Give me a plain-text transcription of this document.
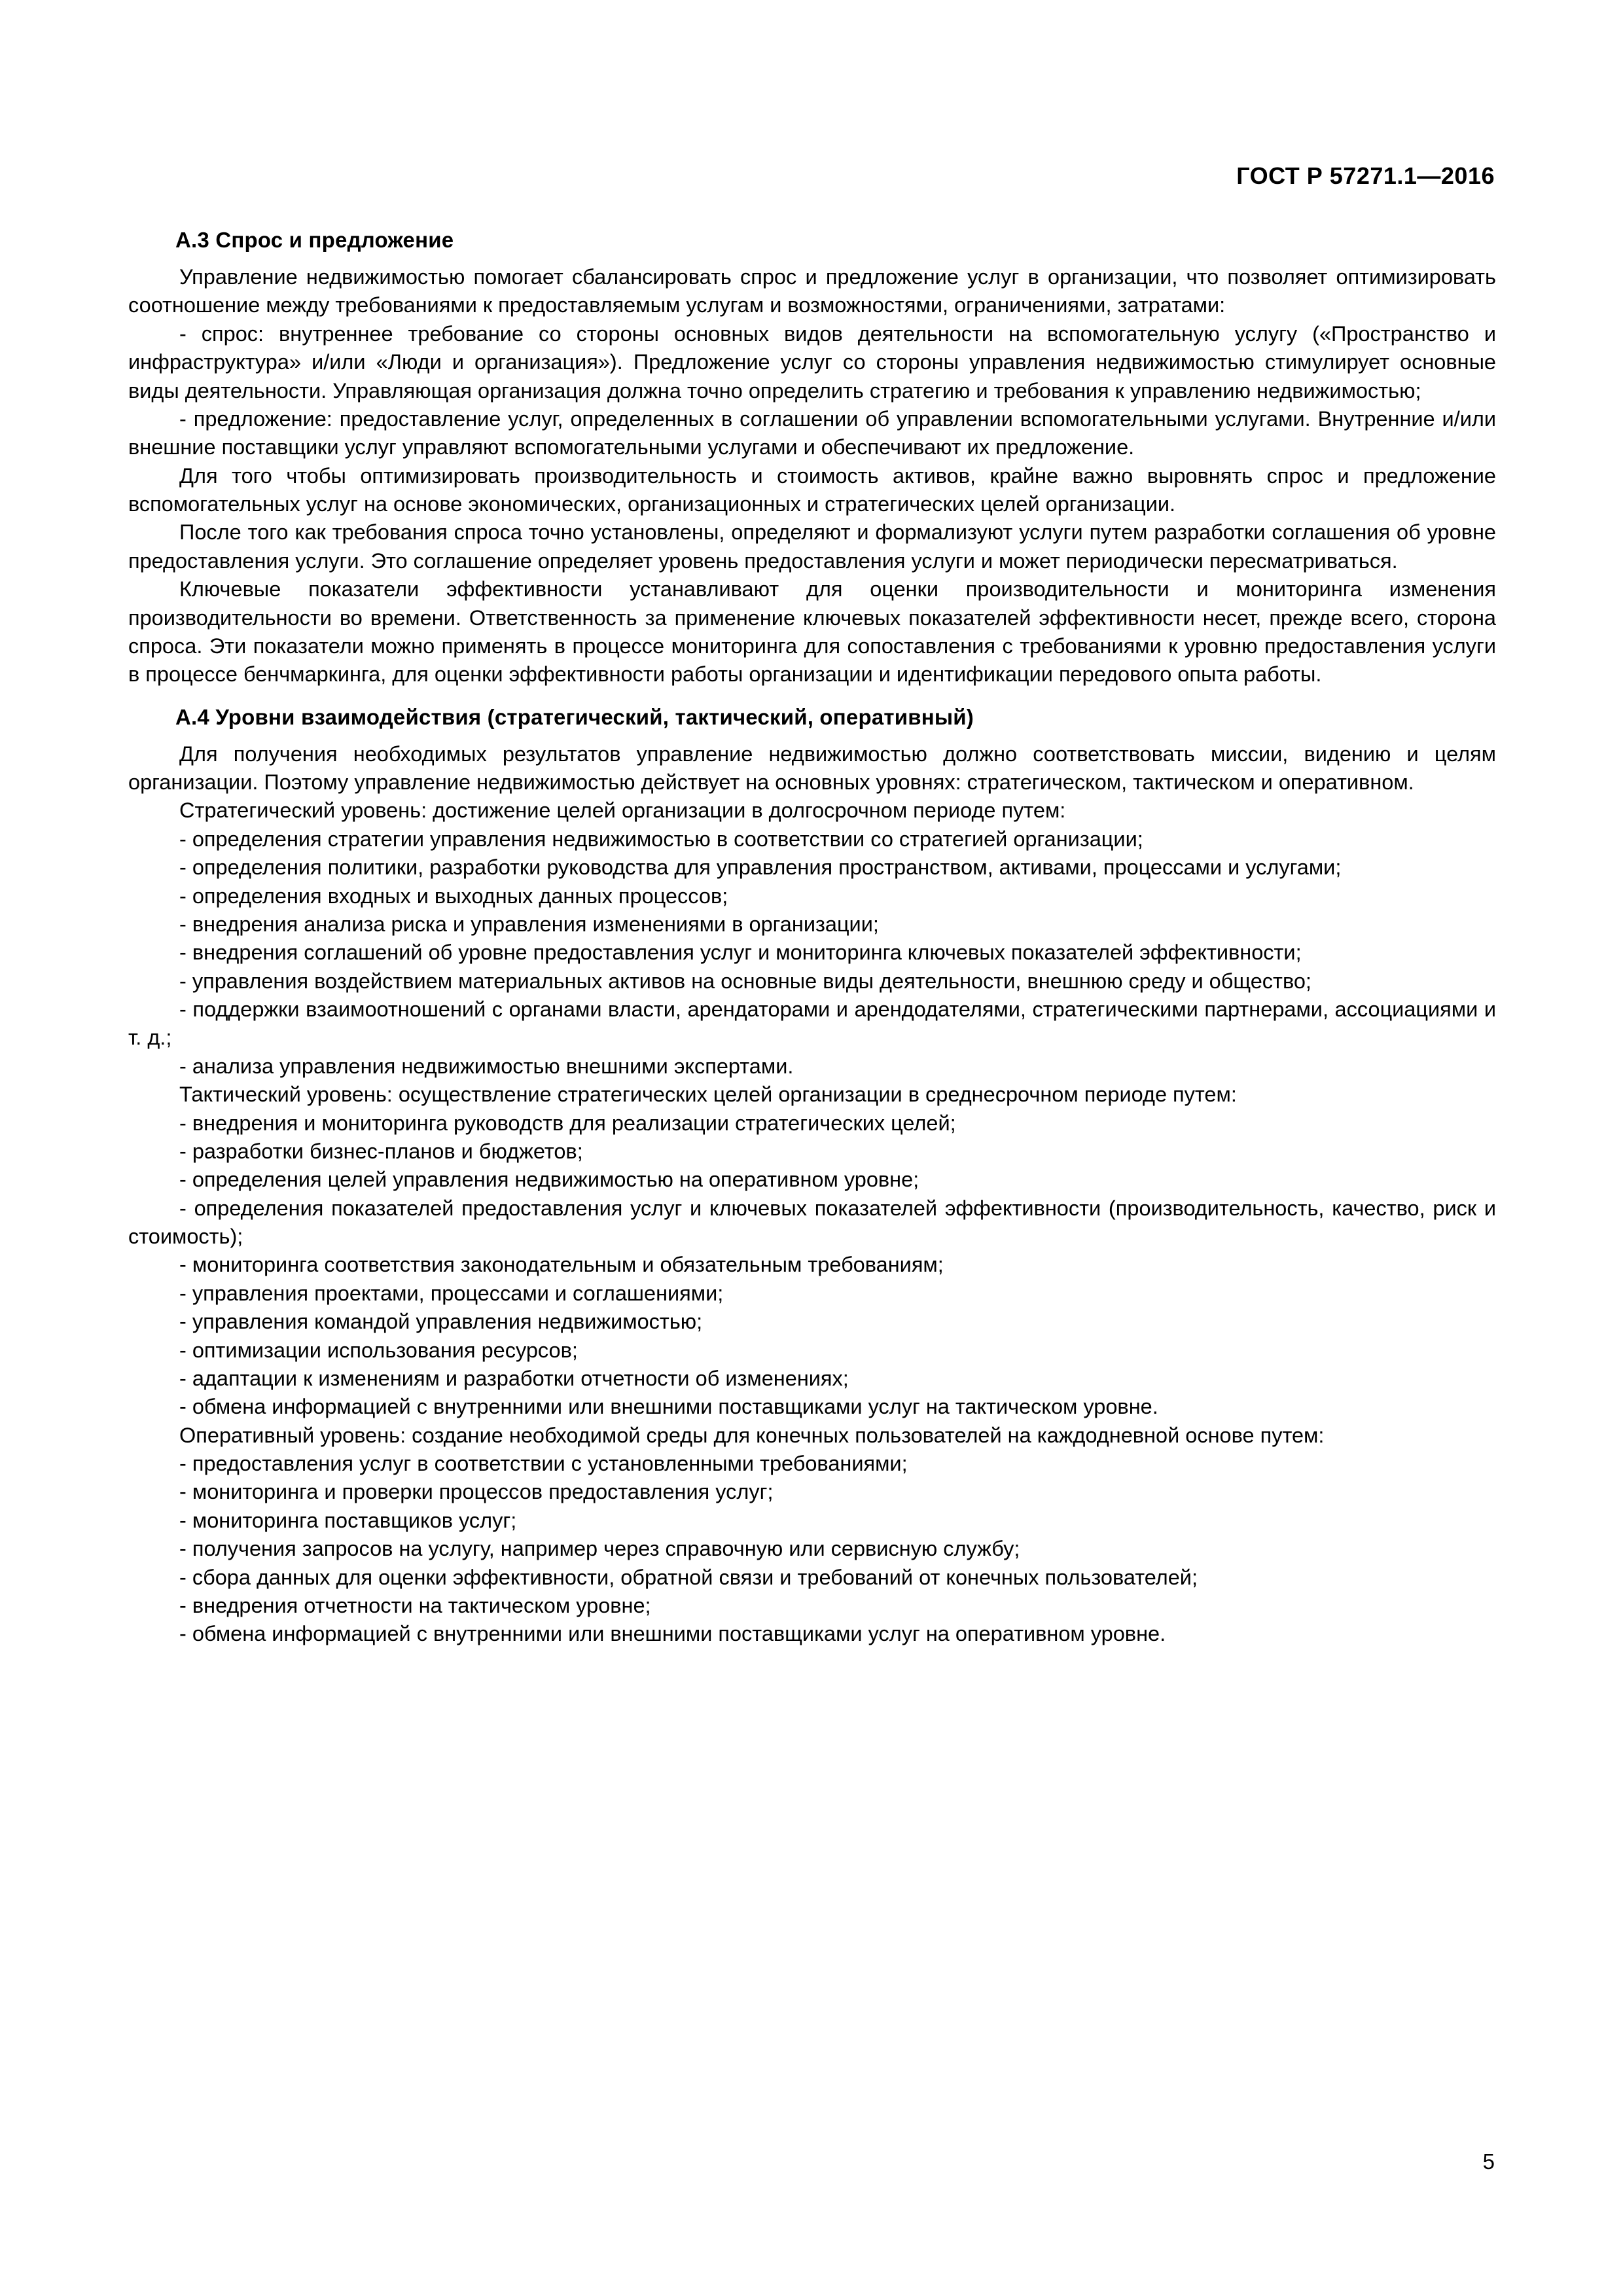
ГОСТ Р 57271.1—2016
А.3 Спрос и предложение

Управление недвижимостью помогает сбалансировать спрос и предложение услуг в организации, что позволяет оптимизировать соотношение между требованиями к предоставляемым услугам и возможностями, ограничениями, затратами:

- спрос: внутреннее требование со стороны основных видов деятельности на вспомогательную услугу («Пространство и инфраструктура» и/или «Люди и организация»). Предложение услуг со стороны управления недвижимостью стимулирует основные виды деятельности. Управляющая организация должна точно определить стратегию и требования к управлению недвижимостью;

- предложение: предоставление услуг, определенных в соглашении об управлении вспомогательными услугами. Внутренние и/или внешние поставщики услуг управляют вспомогательными услугами и обеспечивают их предложение.

Для того чтобы оптимизировать производительность и стоимость активов, крайне важно выровнять спрос и предложение вспомогательных услуг на основе экономических, организационных и стратегических целей организации.

После того как требования спроса точно установлены, определяют и формализуют услуги путем разработки соглашения об уровне предоставления услуги. Это соглашение определяет уровень предоставления услуги и может периодически пересматриваться.

Ключевые показатели эффективности устанавливают для оценки производительности и мониторинга изменения производительности во времени. Ответственность за применение ключевых показателей эффективности несет, прежде всего, сторона спроса. Эти показатели можно применять в процессе мониторинга для сопоставления с требованиями к уровню предоставления услуги в процессе бенчмаркинга, для оценки эффективности работы организации и идентификации передового опыта работы.

А.4 Уровни взаимодействия (стратегический, тактический, оперативный)

Для получения необходимых результатов управление недвижимостью должно соответствовать миссии, видению и целям организации. Поэтому управление недвижимостью действует на основных уровнях: стратегическом, тактическом и оперативном.

Стратегический уровень: достижение целей организации в долгосрочном периоде путем:

- определения стратегии управления недвижимостью в соответствии со стратегией организации;

- определения политики, разработки руководства для управления пространством, активами, процессами и услугами;

- определения входных и выходных данных процессов;

- внедрения анализа риска и управления изменениями в организации;

- внедрения соглашений об уровне предоставления услуг и мониторинга ключевых показателей эффективности;

- управления воздействием материальных активов на основные виды деятельности, внешнюю среду и общество;

- поддержки взаимоотношений с органами власти, арендаторами и арендодателями, стратегическими партнерами, ассоциациями и т. д.;

- анализа управления недвижимостью внешними экспертами.

Тактический уровень: осуществление стратегических целей организации в среднесрочном периоде путем:

- внедрения и мониторинга руководств для реализации стратегических целей;

- разработки бизнес-планов и бюджетов;

- определения целей управления недвижимостью на оперативном уровне;

- определения показателей предоставления услуг и ключевых показателей эффективности (производительность, качество, риск и стоимость);

- мониторинга соответствия законодательным и обязательным требованиям;

- управления проектами, процессами и соглашениями;

- управления командой управления недвижимостью;

- оптимизации использования ресурсов;

- адаптации к изменениям и разработки отчетности об изменениях;

- обмена информацией с внутренними или внешними поставщиками услуг на тактическом уровне.

Оперативный уровень: создание необходимой среды для конечных пользователей на каждодневной основе путем:

- предоставления услуг в соответствии с установленными требованиями;

- мониторинга и проверки процессов предоставления услуг;

- мониторинга поставщиков услуг;

- получения запросов на услугу, например через справочную или сервисную службу;

- сбора данных для оценки эффективности, обратной связи и требований от конечных пользователей;

- внедрения отчетности на тактическом уровне;

- обмена информацией с внутренними или внешними поставщиками услуг на оперативном уровне.

5
